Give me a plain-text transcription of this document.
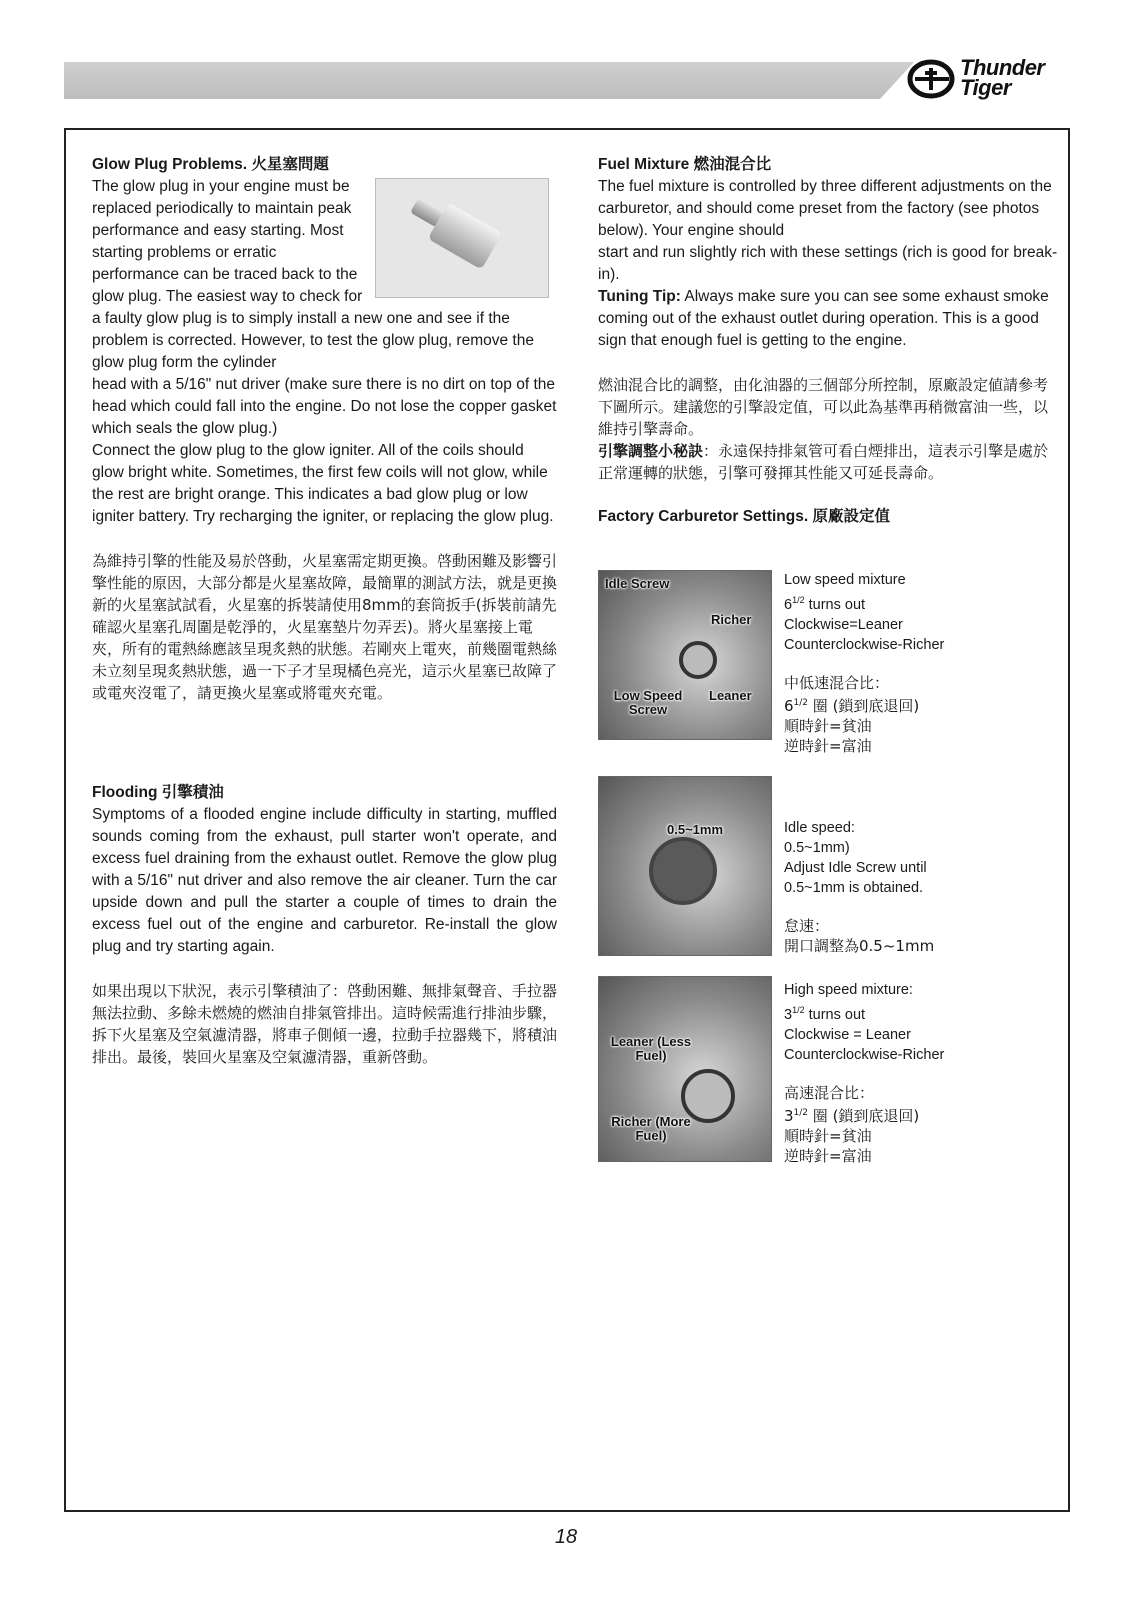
Thunder
Tiger
Glow Plug Problems. 火星塞問題

The glow plug in your engine must be replaced periodically to maintain peak performance and easy starting. Most starting problems or erratic performance can be traced back to the glow plug. The easiest way to check for a faulty glow plug is to simply install a new one and see if the problem is corrected. However, to test the glow plug, remove the glow plug form the cylinder

head with a 5/16" nut driver (make sure there is no dirt on top of the head which could fall into the engine. Do not lose the copper gasket which seals the glow plug.)

Connect the glow plug to the glow igniter. All of the coils should glow bright white. Sometimes, the first few coils will not glow, while the rest are bright orange. This indicates a bad glow plug or low igniter battery. Try recharging the igniter, or replacing the glow plug.

為維持引擎的性能及易於啓動，火星塞需定期更換。啓動困難及影響引擎性能的原因，大部分都是火星塞故障，最簡單的測試方法，就是更換新的火星塞試試看，火星塞的拆裝請使用8mm的套筒扳手(拆裝前請先確認火星塞孔周圍是乾淨的，火星塞墊片勿弄丟)。將火星塞接上電夾，所有的電熱絲應該呈現炙熱的狀態。若剛夾上電夾，前幾圈電熱絲未立刻呈現炙熱狀態，過一下子才呈現橘色亮光，這示火星塞已故障了或電夾沒電了，請更換火星塞或將電夾充電。

Flooding 引擎積油

Symptoms of a flooded engine include difficulty in starting, muffled sounds coming from the exhaust, pull starter won't operate, and excess fuel draining from the exhaust outlet. Remove the glow plug with a 5/16" nut driver and also remove the air cleaner. Turn the car upside down and pull the starter a couple of times to drain the excess fuel out of the engine and carburetor. Re-install the glow plug and try starting again.

如果出現以下狀況，表示引擎積油了：啓動困難、無排氣聲音、手拉器無法拉動、多餘未燃燒的燃油自排氣管排出。這時候需進行排油步驟，拆下火星塞及空氣濾清器，將車子側傾一邊，拉動手拉器幾下，將積油排出。最後，裝回火星塞及空氣濾清器，重新啓動。

Fuel Mixture 燃油混合比

The fuel mixture is controlled by three different adjustments on the carburetor, and should come preset from the factory (see photos below). Your engine should

start and run slightly rich with these settings (rich is good for break-in).

Tuning Tip: Always make sure you can see some exhaust smoke coming out of the exhaust outlet during operation. This is a good sign that enough fuel is getting to the engine.

燃油混合比的調整，由化油器的三個部分所控制，原廠設定値請參考下圖所示。建議您的引擎設定值，可以此為基準再稍微富油一些，以維持引擎壽命。

引擎調整小秘訣：永遠保持排氣管可看白煙排出，這表示引擎是處於正常運轉的狀態，引擎可發揮其性能又可延長壽命。

Factory Carburetor Settings. 原廠設定值
Idle Screw
Richer
Low Speed Screw
Leaner
Low speed mixture
$6^{1/2}$ turns out
Clockwise=Leaner
Counterclockwise-Richer
中低速混合比：
$6^{1/2}$ 圈 (鎖到底退回)
順時針=貧油
逆時針=富油
0.5~1mm	Idle speed:
0.5~1mm)
Adjust Idle Screw until
0.5~1mm is obtained.
怠速：
開口調整為0.5~1mm
Leaner (Less Fuel)
Richer (More Fuel)
High speed mixture:
$3^{1/2}$ turns out
Clockwise = Leaner
Counterclockwise-Richer
高速混合比：
$3^{1/2}$ 圈 (鎖到底退回)
順時針=貧油
逆時針=富油
18
